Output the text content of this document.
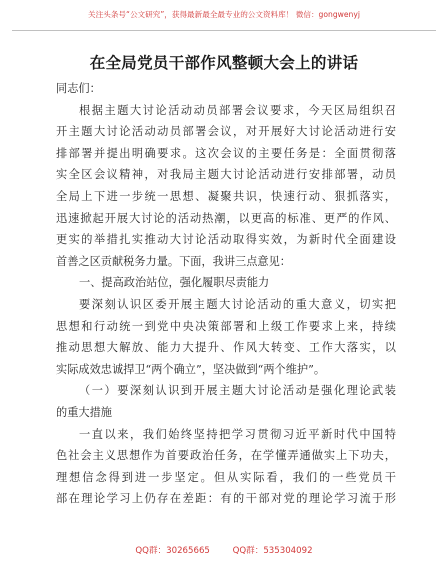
关注头条号“公文研究”，获得最新最全最专业的公文资料库！ 微信：gongwenyj
在全局党员干部作风整顿大会上的讲话
同志们：
根据主题大讨论活动动员部署会议要求，今天区局组织召
开主题大讨论活动动员部署会议，对开展好大讨论活动进行安
排部署并提出明确要求。这次会议的主要任务是：全面贯彻落
实全区会议精神，对我局主题大讨论活动进行安排部署，动员
全局上下进一步统一思想、凝聚共识，快速行动、狠抓落实，
迅速掀起开展大讨论的活动热潮，以更高的标准、更严的作风、
更实的举措扎实推动大讨论活动取得实效，为新时代全面建设
首善之区贡献税务力量。下面，我讲三点意见：
一、提高政治站位，强化履职尽责能力
要深刻认识区委开展主题大讨论活动的重大意义，切实把
思想和行动统一到党中央决策部署和上级工作要求上来，持续
推动思想大解放、能力大提升、作风大转变、工作大落实，以
实际成效忠诚捍卫“两个确立”，坚决做到“两个维护”。
（一）要深刻认识到开展主题大讨论活动是强化理论武装
的重大措施
一直以来，我们始终坚持把学习贯彻习近平新时代中国特
色社会主义思想作为首要政治任务，在学懂弄通做实上下功夫，
理想信念得到进一步坚定。但从实际看，我们的一些党员干
部在理论学习上仍存在差距：有的干部对党的理论学习流于形
QQ群：30265665	QQ群：535304092
